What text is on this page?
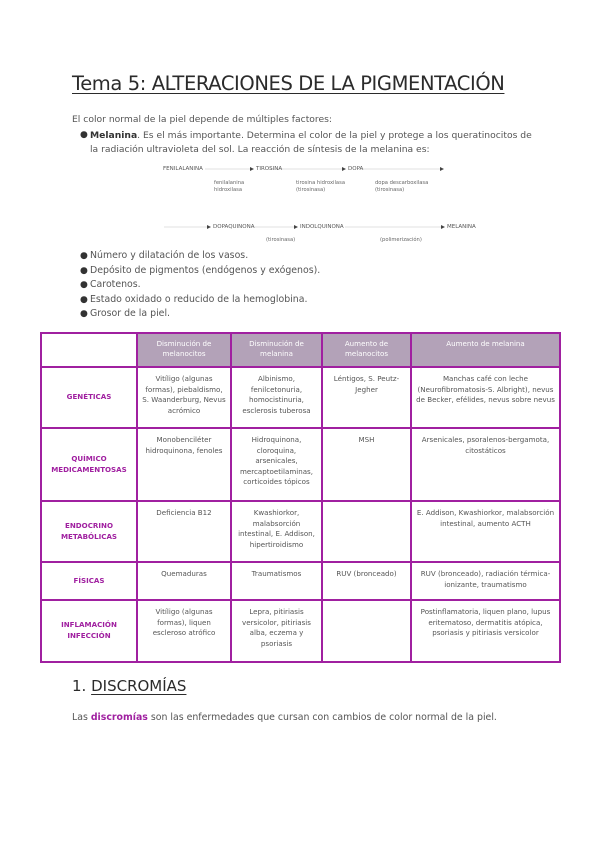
Tema 5: ALTERACIONES DE LA PIGMENTACIÓN
El color normal de la piel depende de múltiples factores:
● Melanina. Es el más importante. Determina el color de la piel y protege a los queratinocitos de la radiación ultravioleta del sol. La reacción de síntesis de la melanina es:
FENILALANINA	TIROSINA	DOPA
fenilalanina hidroxilasa
tirosina hidroxilasa (tirosinasa)
dopa descarboxilasa (tirosinasa)
DOPAQUINONA	INDOLQUINONA	MELANINA
(tirosinasa)	(polimerización)
● Número y dilatación de los vasos.
● Depósito de pigmentos (endógenos y exógenos).
● Carotenos.
● Estado oxidado o reducido de la hemoglobina.
● Grosor de la piel.
	Disminución de melanocitos	Disminución de melanina	Aumento de melanocitos	Aumento de melanina
GENÉTICAS	Vitíligo (algunas formas), piebaldismo, S. Waanderburg, Nevus acrómico	Albinismo, fenilcetonuria, homocistinuria, esclerosis tuberosa	Léntigos, S. Peutz-Jegher	Manchas café con leche (Neurofibromatosis-S. Albright), nevus de Becker, efélides, nevus sobre nevus
QUÍMICO MEDICAMENTOSAS	Monobenciléter hidroquinona, fenoles	Hidroquinona, cloroquina, arsenicales, mercaptoetilaminas, corticoides tópicos	MSH	Arsenicales, psoralenos-bergamota, citostáticos
ENDOCRINO METABÓLICAS	Deficiencia B12	Kwashiorkor, malabsorción intestinal, E. Addison, hipertiroidismo		E. Addison, Kwashiorkor, malabsorción intestinal, aumento ACTH
FÍSICAS	Quemaduras	Traumatismos	RUV (bronceado)	RUV (bronceado), radiación térmica-ionizante, traumatismo
INFLAMACIÓN INFECCIÓN	Vitíligo (algunas formas), liquen escleroso atrófico	Lepra, pitiriasis versicolor, pitiriasis alba, eczema y psoriasis		Postinflamatoria, liquen plano, lupus eritematoso, dermatitis atópica, psoriasis y pitiriasis versicolor
1. DISCROMÍAS
Las discromías son las enfermedades que cursan con cambios de color normal de la piel.
